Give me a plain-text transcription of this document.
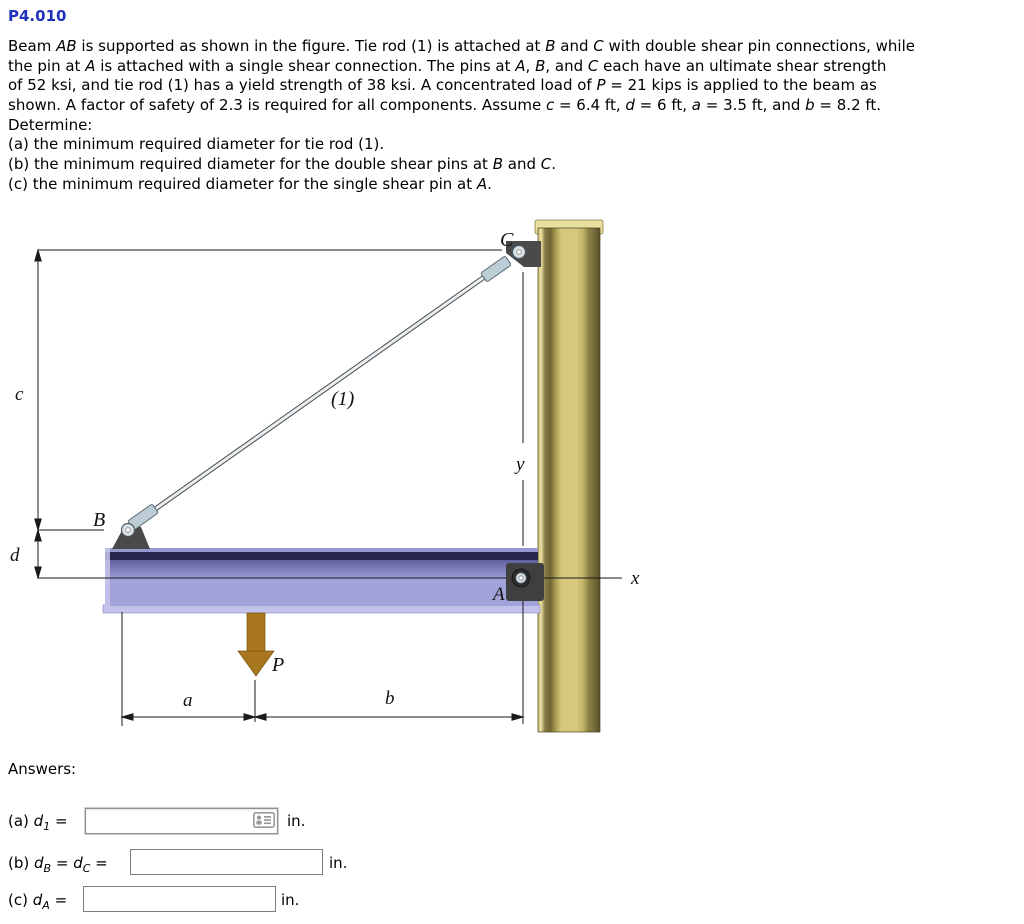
P4.010
Beam AB is supported as shown in the figure. Tie rod (1) is attached at B and C with double shear pin connections, while
the pin at A is attached with a single shear connection. The pins at A, B, and C each have an ultimate shear strength
of 52 ksi, and tie rod (1) has a yield strength of 38 ksi. A concentrated load of P = 21 kips is applied to the beam as
shown. A factor of safety of 2.3 is required for all components. Assume c = 6.4 ft, d = 6 ft, a = 3.5 ft, and b = 8.2 ft.
Determine:
(a) the minimum required diameter for tie rod (1).
(b) the minimum required diameter for the double shear pins at B and C.
(c) the minimum required diameter for the single shear pin at A.
C
B
A
x
y
c
d
a	b
P
(1)
Answers:
(a) $d_1$ =	in.
(b) $d_B = d_C$ =	in.
(c) $d_A$ =	in.
